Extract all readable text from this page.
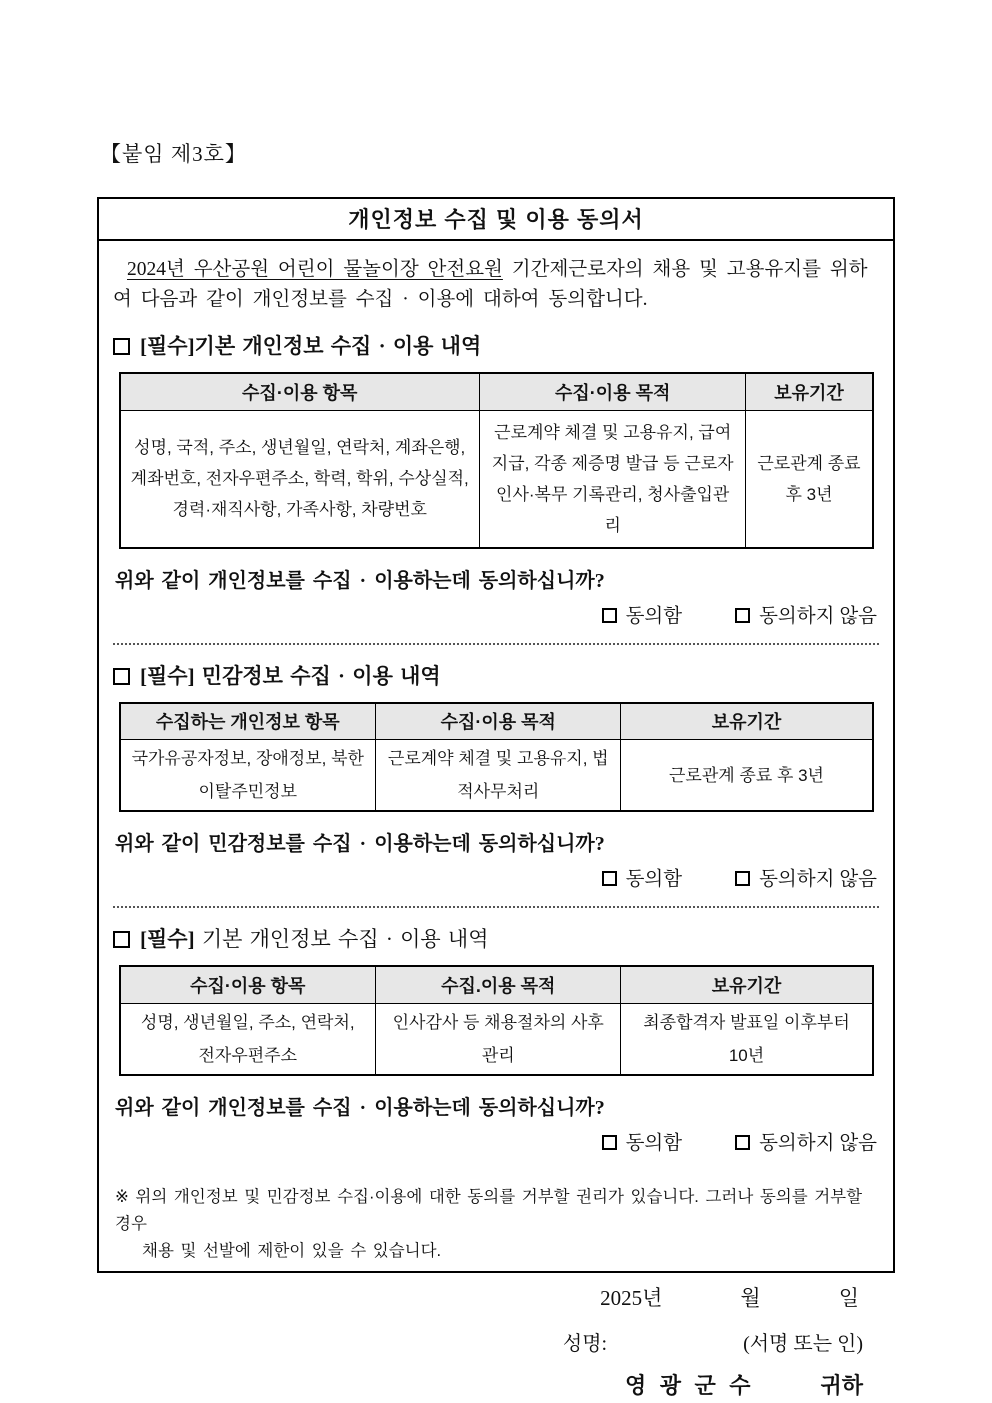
【붙임 제3호】
개인정보 수집 및 이용 동의서

2024년 우산공원 어린이 물놀이장 안전요원 기간제근로자의 채용 및 고용유지를 위하여 다음과 같이 개인정보를 수집 · 이용에 대하여 동의합니다.

[필수]기본 개인정보 수집 · 이용 내역
수집·이용 항목	수집·이용 목적	보유기간
성명, 국적, 주소, 생년월일, 연락처, 계좌은행, 계좌번호, 전자우편주소, 학력, 학위, 수상실적, 경력·재직사항, 가족사항, 차량번호	근로계약 체결 및 고용유지, 급여지급, 각종 제증명 발급 등 근로자 인사·복무 기록관리, 청사출입관리	근로관계 종료 후 3년
위와 같이 개인정보를 수집 · 이용하는데 동의하십니까?
동의함	동의하지 않음
[필수] 민감정보 수집 · 이용 내역
수집하는 개인정보 항목	수집·이용 목적	보유기간
국가유공자정보, 장애정보, 북한이탈주민정보	근로계약 체결 및 고용유지, 법적사무처리	근로관계 종료 후 3년
위와 같이 민감정보를 수집 · 이용하는데 동의하십니까?
동의함	동의하지 않음
[필수] 기본 개인정보 수집 · 이용 내역
수집·이용 항목	수집.이용 목적	보유기간
성명, 생년월일, 주소, 연락처, 전자우편주소	인사감사 등 채용절차의 사후관리	최종합격자 발표일 이후부터 10년
위와 같이 개인정보를 수집 · 이용하는데 동의하십니까?
동의함	동의하지 않음
※ 위의 개인정보 및 민감정보 수집·이용에 대한 동의를 거부할 권리가 있습니다. 그러나 동의를 거부할 경우
채용 및 선발에 제한이 있을 수 있습니다.
2025년	월	일
성명:	(서명 또는 인)
영 광 군 수	귀하
